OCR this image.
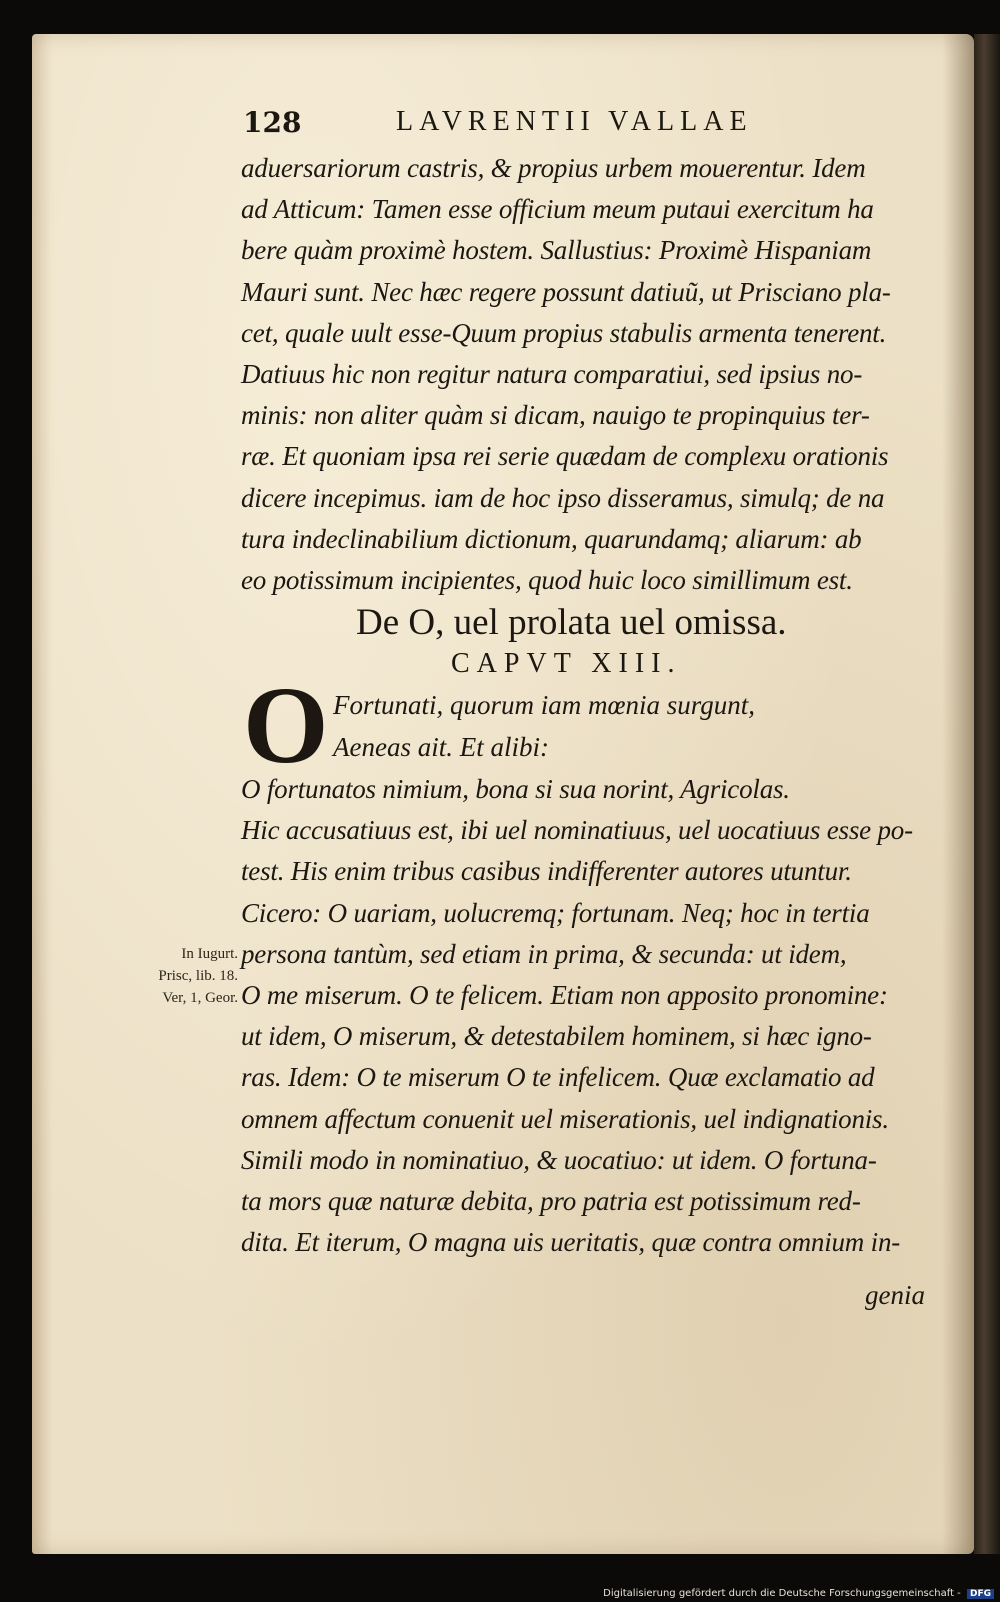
128	LAVRENTII VALLAE
aduersariorum castris, & propius urbem mouerentur. Idem
ad Atticum: Tamen esse officium meum putaui exercitum ha
bere quàm proximè hostem. Sallustius: Proximè Hispaniam
Mauri sunt. Nec hæc regere possunt datiuũ, ut Prisciano pla-
cet, quale uult esse-Quum propius stabulis armenta tenerent.
Datiuus hic non regitur natura comparatiui, sed ipsius no-
minis: non aliter quàm si dicam, nauigo te propinquius ter-
ræ. Et quoniam ipsa rei serie quædam de complexu orationis
dicere incepimus. iam de hoc ipso disseramus, simulq; de na
tura indeclinabilium dictionum, quarundamq; aliarum: ab
eo potissimum incipientes, quod huic loco simillimum est.
De O, uel prolata uel omissa.
CAPVT XIII.
O Fortunati, quorum iam mœnia surgunt,
Aeneas ait. Et alibi:
O fortunatos nimium, bona si sua norint, Agricolas.
Hic accusatiuus est, ibi uel nominatiuus, uel uocatiuus esse po-
test. His enim tribus casibus indifferenter autores utuntur.
Cicero: O uariam, uolucremq; fortunam. Neq; hoc in tertia
persona tantùm, sed etiam in prima, & secunda: ut idem,
O me miserum. O te felicem. Etiam non apposito pronomine:
ut idem, O miserum, & detestabilem hominem, si hæc igno-
ras. Idem: O te miserum O te infelicem. Quæ exclamatio ad
omnem affectum conuenit uel miserationis, uel indignationis.
Simili modo in nominatiuo, & uocatiuo: ut idem. O fortuna-
ta mors quæ naturæ debita, pro patria est potissimum red-
dita. Et iterum, O magna uis ueritatis, quæ contra omnium in-
In Iugurt.
Prisc, lib. 18.
Ver, 1, Geor.
genia
Digitalisierung gefördert durch die Deutsche Forschungsgemeinschaft - DFG
